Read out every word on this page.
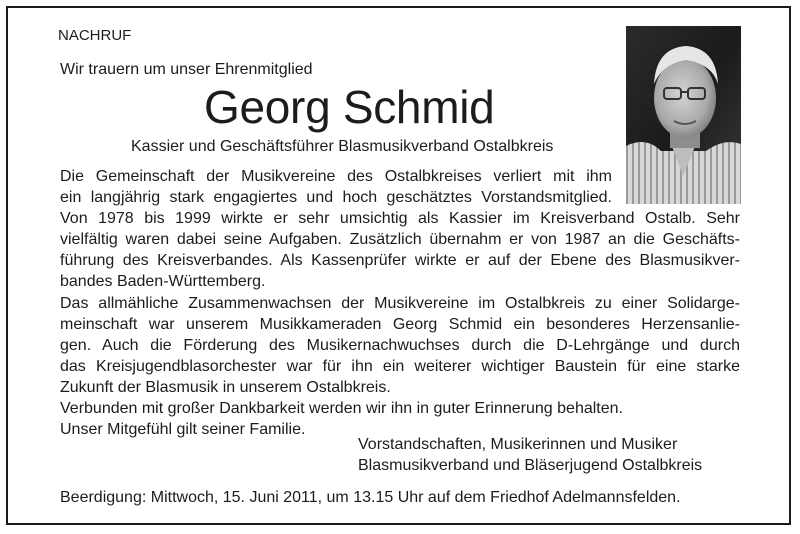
NACHRUF
Wir trauern um unser Ehrenmitglied
Georg Schmid
Kassier und Geschäftsführer Blasmusikverband Ostalbkreis
Die Gemeinschaft der Musikvereine des Ostalbkreises verliert mit ihm
ein langjährig stark engagiertes und hoch geschätztes Vorstandsmitglied.
Von 1978 bis 1999 wirkte er sehr umsichtig als Kassier im Kreisverband Ostalb. Sehr
vielfältig waren dabei seine Aufgaben. Zusätzlich übernahm er von 1987 an die Geschäfts-
führung des Kreisverbandes. Als Kassenprüfer wirkte er auf der Ebene des Blasmusikver-
bandes Baden-Württemberg.
Das allmähliche Zusammenwachsen der Musikvereine im Ostalbkreis zu einer Solidarge-
meinschaft war unserem Musikkameraden Georg Schmid ein besonderes Herzensanlie-
gen. Auch die Förderung des Musikernachwuchses durch die D-Lehrgänge und durch
das Kreisjugendblasorchester war für ihn ein weiterer wichtiger Baustein für eine starke
Zukunft der Blasmusik in unserem Ostalbkreis.
Verbunden mit großer Dankbarkeit werden wir ihn in guter Erinnerung behalten.
Unser Mitgefühl gilt seiner Familie.
Vorstandschaften, Musikerinnen und Musiker
Blasmusikverband und Bläserjugend Ostalbkreis
Beerdigung: Mittwoch, 15. Juni 2011, um 13.15 Uhr auf dem Friedhof Adelmannsfelden.
